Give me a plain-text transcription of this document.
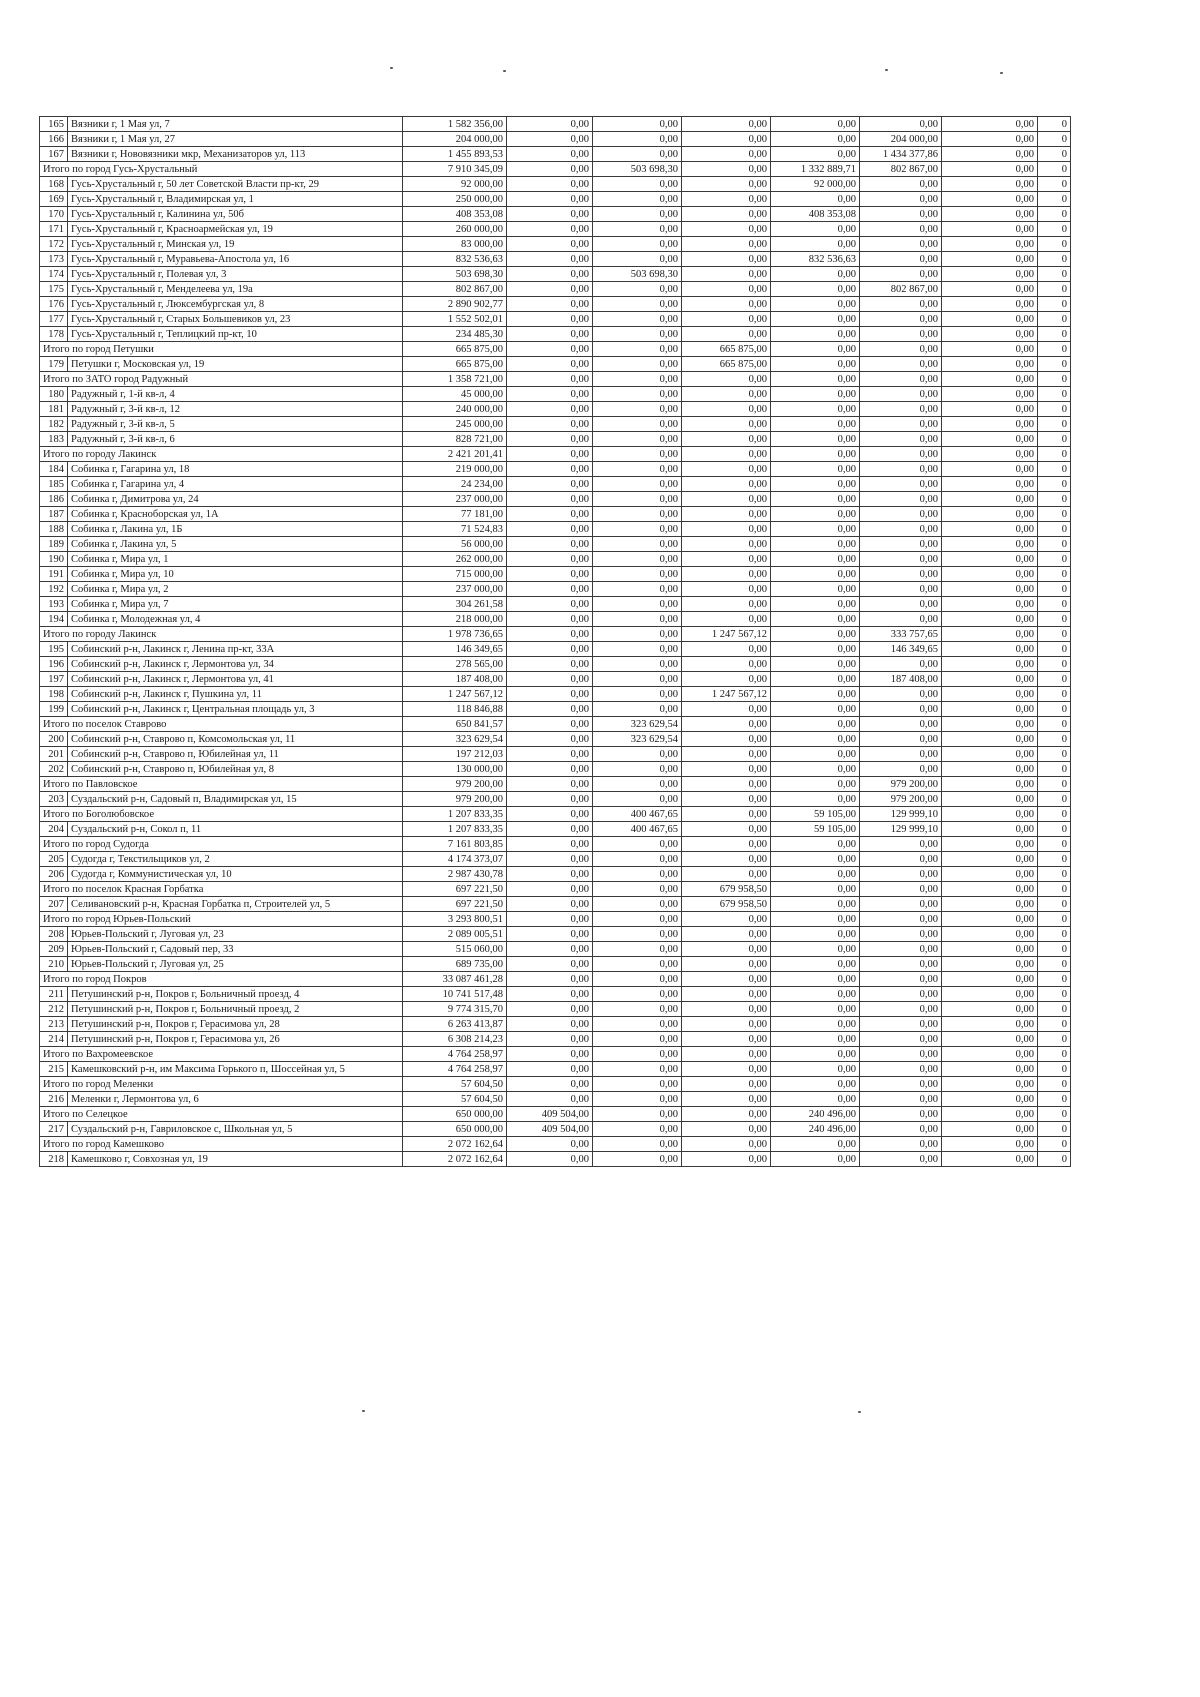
165	Вязники г, 1 Мая ул, 7	1 582 356,00	0,00	0,00	0,00	0,00	0,00	0,00	0
166	Вязники г, 1 Мая ул, 27	204 000,00	0,00	0,00	0,00	0,00	204 000,00	0,00	0
167	Вязники г, Нововязники мкр, Механизаторов ул, 113	1 455 893,53	0,00	0,00	0,00	0,00	1 434 377,86	0,00	0
Итого по город Гусь-Хрустальный		7 910 345,09	0,00	503 698,30	0,00	1 332 889,71	802 867,00	0,00	0
168	Гусь-Хрустальный г, 50 лет Советской Власти пр-кт, 29	92 000,00	0,00	0,00	0,00	92 000,00	0,00	0,00	0
169	Гусь-Хрустальный г, Владимирская ул, 1	250 000,00	0,00	0,00	0,00	0,00	0,00	0,00	0
170	Гусь-Хрустальный г, Калинина ул, 50б	408 353,08	0,00	0,00	0,00	408 353,08	0,00	0,00	0
171	Гусь-Хрустальный г, Красноармейская ул, 19	260 000,00	0,00	0,00	0,00	0,00	0,00	0,00	0
172	Гусь-Хрустальный г, Минская ул, 19	83 000,00	0,00	0,00	0,00	0,00	0,00	0,00	0
173	Гусь-Хрустальный г, Муравьева-Апостола ул, 16	832 536,63	0,00	0,00	0,00	832 536,63	0,00	0,00	0
174	Гусь-Хрустальный г, Полевая ул, 3	503 698,30	0,00	503 698,30	0,00	0,00	0,00	0,00	0
175	Гусь-Хрустальный г, Менделеева ул, 19а	802 867,00	0,00	0,00	0,00	0,00	802 867,00	0,00	0
176	Гусь-Хрустальный г, Люксембургская ул, 8	2 890 902,77	0,00	0,00	0,00	0,00	0,00	0,00	0
177	Гусь-Хрустальный г, Старых Большевиков ул, 23	1 552 502,01	0,00	0,00	0,00	0,00	0,00	0,00	0
178	Гусь-Хрустальный г, Теплицкий пр-кт, 10	234 485,30	0,00	0,00	0,00	0,00	0,00	0,00	0
Итого по город Петушки		665 875,00	0,00	0,00	665 875,00	0,00	0,00	0,00	0
179	Петушки г, Московская ул, 19	665 875,00	0,00	0,00	665 875,00	0,00	0,00	0,00	0
Итого по ЗАТО город Радужный		1 358 721,00	0,00	0,00	0,00	0,00	0,00	0,00	0
180	Радужный г, 1-й кв-л, 4	45 000,00	0,00	0,00	0,00	0,00	0,00	0,00	0
181	Радужный г, 3-й кв-л, 12	240 000,00	0,00	0,00	0,00	0,00	0,00	0,00	0
182	Радужный г, 3-й кв-л, 5	245 000,00	0,00	0,00	0,00	0,00	0,00	0,00	0
183	Радужный г, 3-й кв-л, 6	828 721,00	0,00	0,00	0,00	0,00	0,00	0,00	0
Итого по городу Лакинск		2 421 201,41	0,00	0,00	0,00	0,00	0,00	0,00	0
184	Собинка г, Гагарина ул, 18	219 000,00	0,00	0,00	0,00	0,00	0,00	0,00	0
185	Собинка г, Гагарина ул, 4	24 234,00	0,00	0,00	0,00	0,00	0,00	0,00	0
186	Собинка г, Димитрова ул, 24	237 000,00	0,00	0,00	0,00	0,00	0,00	0,00	0
187	Собинка г, Красноборская ул, 1А	77 181,00	0,00	0,00	0,00	0,00	0,00	0,00	0
188	Собинка г, Лакина ул, 1Б	71 524,83	0,00	0,00	0,00	0,00	0,00	0,00	0
189	Собинка г, Лакина ул, 5	56 000,00	0,00	0,00	0,00	0,00	0,00	0,00	0
190	Собинка г, Мира ул, 1	262 000,00	0,00	0,00	0,00	0,00	0,00	0,00	0
191	Собинка г, Мира ул, 10	715 000,00	0,00	0,00	0,00	0,00	0,00	0,00	0
192	Собинка г, Мира ул, 2	237 000,00	0,00	0,00	0,00	0,00	0,00	0,00	0
193	Собинка г, Мира ул, 7	304 261,58	0,00	0,00	0,00	0,00	0,00	0,00	0
194	Собинка г, Молодежная ул, 4	218 000,00	0,00	0,00	0,00	0,00	0,00	0,00	0
Итого по городу Лакинск		1 978 736,65	0,00	0,00	1 247 567,12	0,00	333 757,65	0,00	0
195	Собинский р-н, Лакинск г, Ленина пр-кт, 33А	146 349,65	0,00	0,00	0,00	0,00	146 349,65	0,00	0
196	Собинский р-н, Лакинск г, Лермонтова ул, 34	278 565,00	0,00	0,00	0,00	0,00	0,00	0,00	0
197	Собинский р-н, Лакинск г, Лермонтова ул, 41	187 408,00	0,00	0,00	0,00	0,00	187 408,00	0,00	0
198	Собинский р-н, Лакинск г, Пушкина ул, 11	1 247 567,12	0,00	0,00	1 247 567,12	0,00	0,00	0,00	0
199	Собинский р-н, Лакинск г, Центральная площадь ул, 3	118 846,88	0,00	0,00	0,00	0,00	0,00	0,00	0
Итого по поселок Ставрово		650 841,57	0,00	323 629,54	0,00	0,00	0,00	0,00	0
200	Собинский р-н, Ставрово п, Комсомольская ул, 11	323 629,54	0,00	323 629,54	0,00	0,00	0,00	0,00	0
201	Собинский р-н, Ставрово п, Юбилейная ул, 11	197 212,03	0,00	0,00	0,00	0,00	0,00	0,00	0
202	Собинский р-н, Ставрово п, Юбилейная ул, 8	130 000,00	0,00	0,00	0,00	0,00	0,00	0,00	0
Итого по Павловское		979 200,00	0,00	0,00	0,00	0,00	979 200,00	0,00	0
203	Суздальский р-н, Садовый п, Владимирская ул, 15	979 200,00	0,00	0,00	0,00	0,00	979 200,00	0,00	0
Итого по Боголюбовское		1 207 833,35	0,00	400 467,65	0,00	59 105,00	129 999,10	0,00	0
204	Суздальский р-н, Сокол п, 11	1 207 833,35	0,00	400 467,65	0,00	59 105,00	129 999,10	0,00	0
Итого по город Судогда		7 161 803,85	0,00	0,00	0,00	0,00	0,00	0,00	0
205	Судогда г, Текстильщиков ул, 2	4 174 373,07	0,00	0,00	0,00	0,00	0,00	0,00	0
206	Судогда г, Коммунистическая ул, 10	2 987 430,78	0,00	0,00	0,00	0,00	0,00	0,00	0
Итого по поселок Красная Горбатка		697 221,50	0,00	0,00	679 958,50	0,00	0,00	0,00	0
207	Селивановский р-н, Красная Горбатка п, Строителей ул, 5	697 221,50	0,00	0,00	679 958,50	0,00	0,00	0,00	0
Итого по город Юрьев-Польский		3 293 800,51	0,00	0,00	0,00	0,00	0,00	0,00	0
208	Юрьев-Польский г, Луговая ул, 23	2 089 005,51	0,00	0,00	0,00	0,00	0,00	0,00	0
209	Юрьев-Польский г, Садовый пер, 33	515 060,00	0,00	0,00	0,00	0,00	0,00	0,00	0
210	Юрьев-Польский г, Луговая ул, 25	689 735,00	0,00	0,00	0,00	0,00	0,00	0,00	0
Итого по город Покров		33 087 461,28	0,00	0,00	0,00	0,00	0,00	0,00	0
211	Петушинский р-н, Покров г, Больничный проезд, 4	10 741 517,48	0,00	0,00	0,00	0,00	0,00	0,00	0
212	Петушинский р-н, Покров г, Больничный проезд, 2	9 774 315,70	0,00	0,00	0,00	0,00	0,00	0,00	0
213	Петушинский р-н, Покров г, Герасимова ул, 28	6 263 413,87	0,00	0,00	0,00	0,00	0,00	0,00	0
214	Петушинский р-н, Покров г, Герасимова ул, 26	6 308 214,23	0,00	0,00	0,00	0,00	0,00	0,00	0
Итого по Вахромеевское		4 764 258,97	0,00	0,00	0,00	0,00	0,00	0,00	0
215	Камешковский р-н, им Максима Горького п, Шоссейная ул, 5	4 764 258,97	0,00	0,00	0,00	0,00	0,00	0,00	0
Итого по город Меленки		57 604,50	0,00	0,00	0,00	0,00	0,00	0,00	0
216	Меленки г, Лермонтова ул, 6	57 604,50	0,00	0,00	0,00	0,00	0,00	0,00	0
Итого по Селецкое		650 000,00	409 504,00	0,00	0,00	240 496,00	0,00	0,00	0
217	Суздальский р-н, Гавриловское с, Школьная ул, 5	650 000,00	409 504,00	0,00	0,00	240 496,00	0,00	0,00	0
Итого по город Камешково		2 072 162,64	0,00	0,00	0,00	0,00	0,00	0,00	0
218	Камешково г, Совхозная ул, 19	2 072 162,64	0,00	0,00	0,00	0,00	0,00	0,00	0
